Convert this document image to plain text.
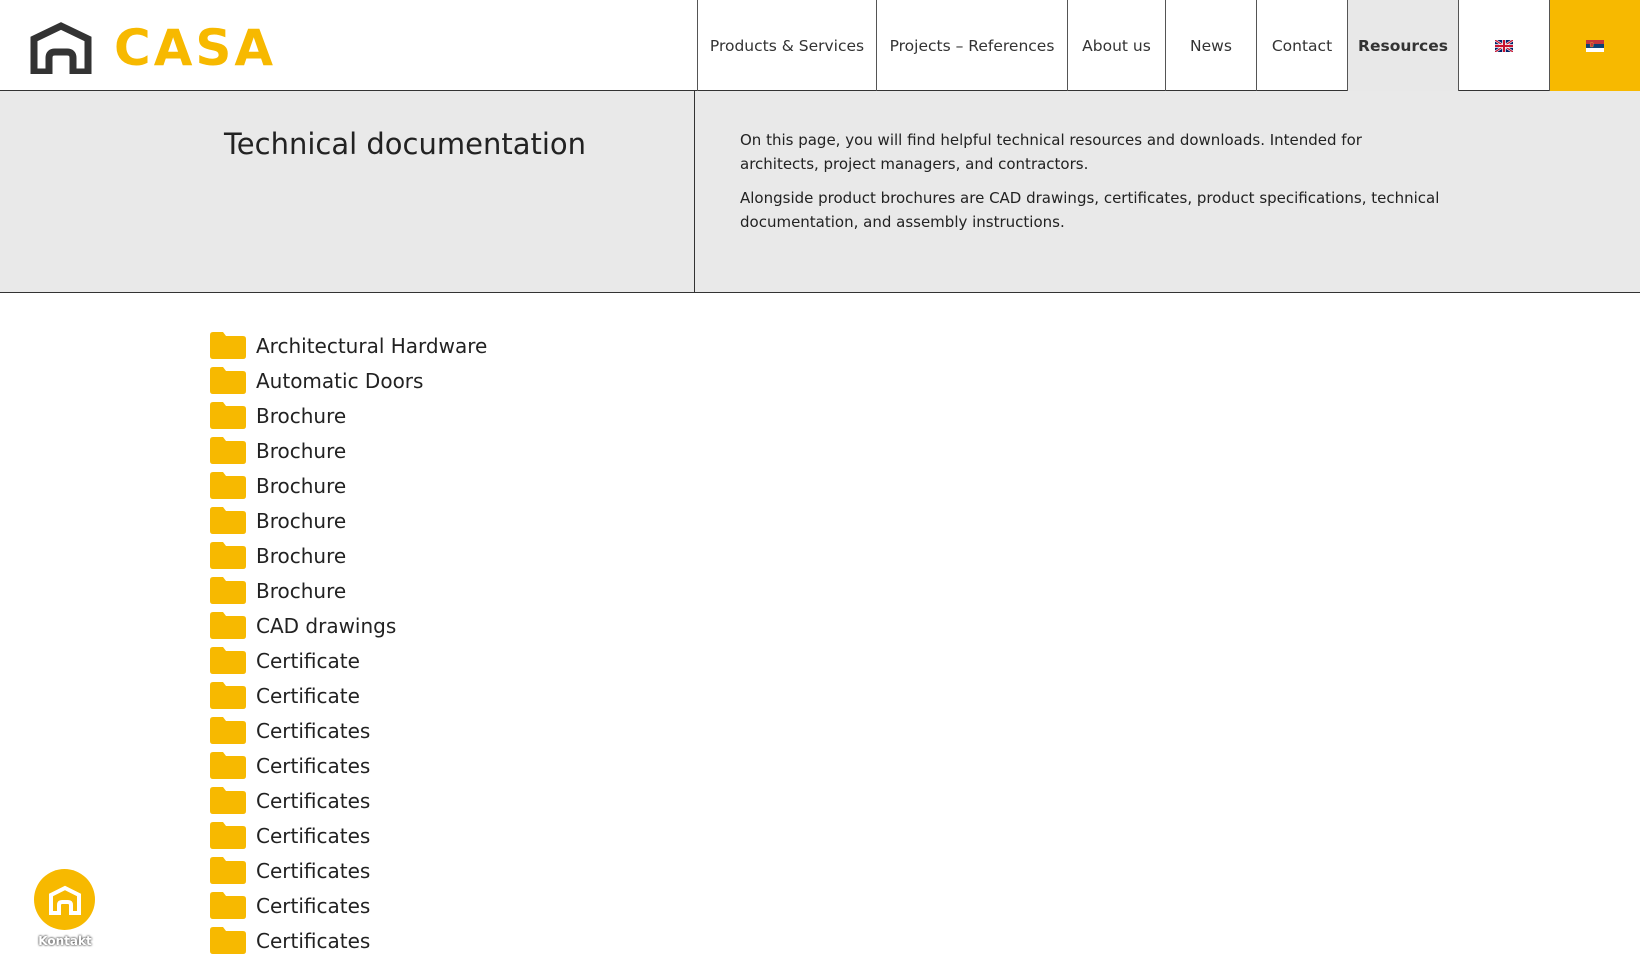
CASA	Products & Services Projects – References About us	News	Contact Resources
Technical documentation	On this page, you will find helpful technical resources and downloads. Intended for architects, project managers, and contractors.

Alongside product brochures are CAD drawings, certificates, product specifications, technical documentation, and assembly instructions.

Architectural Hardware
Automatic Doors
Brochure
Brochure
Brochure
Brochure
Brochure
Brochure
CAD drawings
Certificate
Certificate
Certificates
Certificates
Certificates
Certificates
Certificates
Certificates
Certificates
Kontakt
